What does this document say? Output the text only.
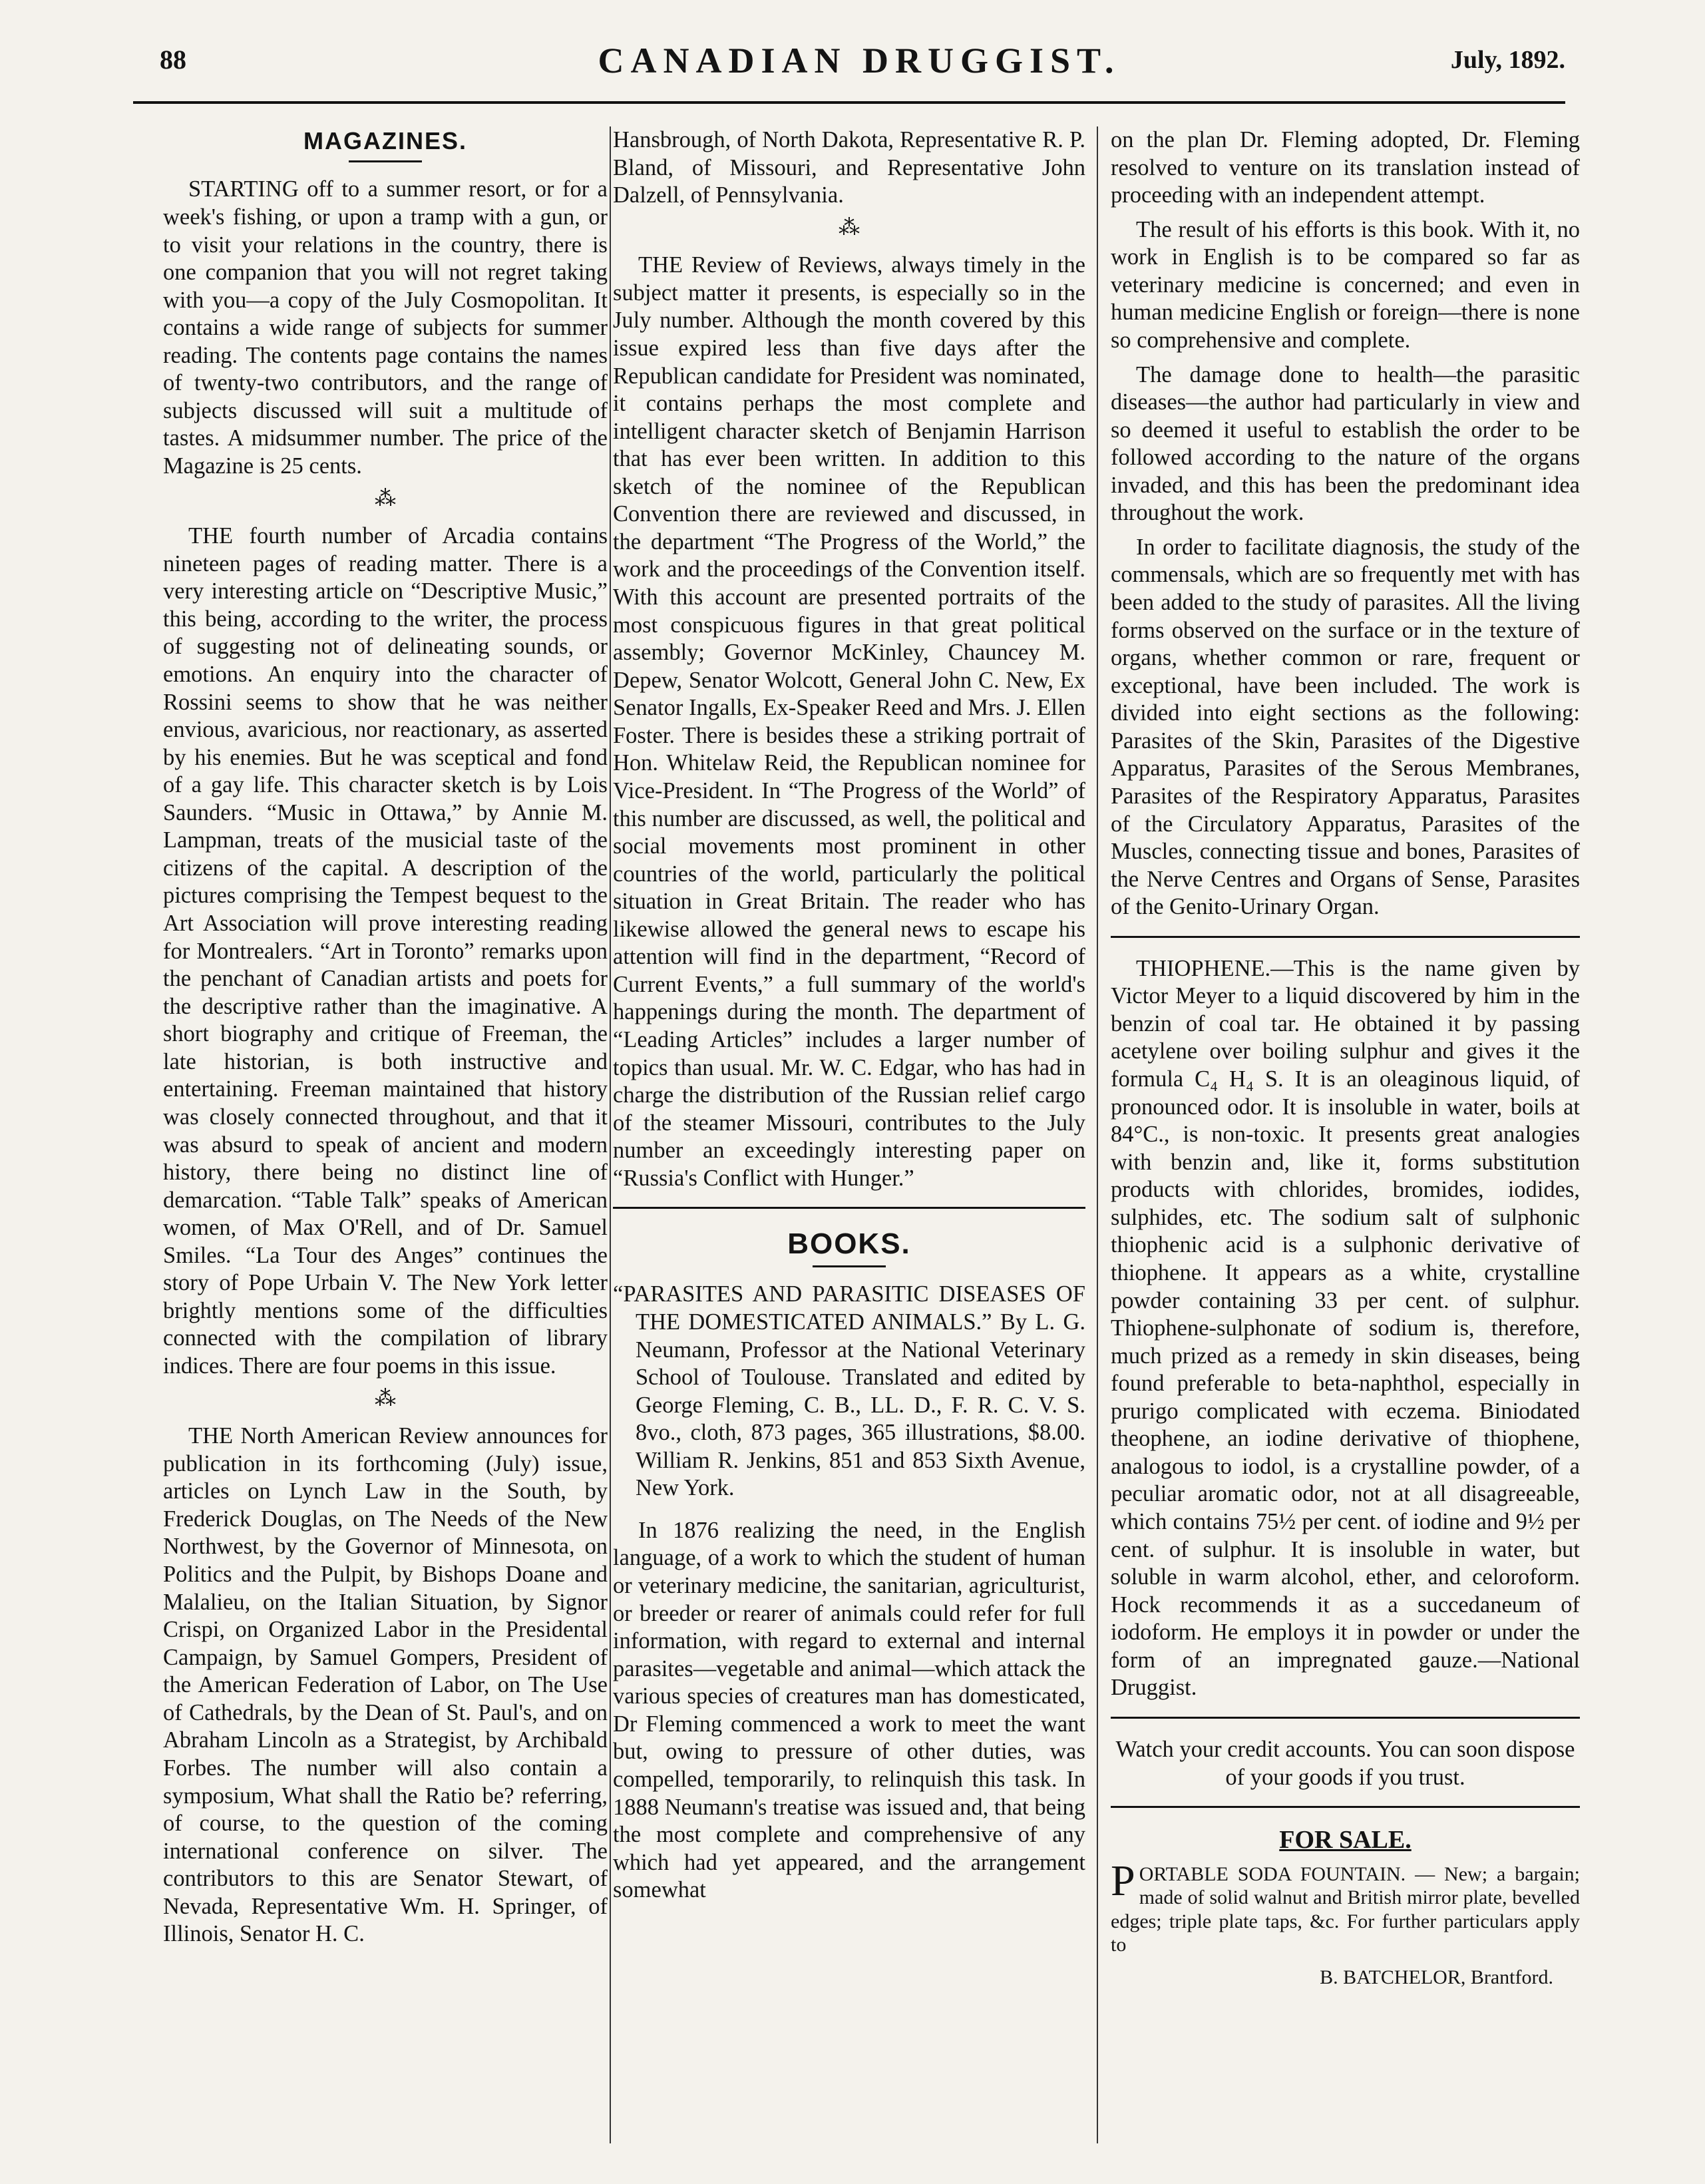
88	CANADIAN DRUGGIST.	July, 1892.
MAGAZINES.

STARTING off to a summer resort, or for a week's fishing, or upon a tramp with a gun, or to visit your relations in the country, there is one companion that you will not regret taking with you—a copy of the July Cosmopolitan. It contains a wide range of subjects for summer reading. The contents page contains the names of twenty-two contributors, and the range of subjects discussed will suit a multitude of tastes. A midsummer number. The price of the Magazine is 25 cents.

⁂

THE fourth number of Arcadia contains nineteen pages of reading matter. There is a very interesting article on “Descriptive Music,” this being, according to the writer, the process of suggesting not of delineating sounds, or emotions. An enquiry into the character of Rossini seems to show that he was neither envious, avaricious, nor reactionary, as asserted by his enemies. But he was sceptical and fond of a gay life. This character sketch is by Lois Saunders. “Music in Ottawa,” by Annie M. Lampman, treats of the musicial taste of the citizens of the capital. A description of the pictures comprising the Tempest bequest to the Art Association will prove interesting reading for Montrealers. “Art in Toronto” remarks upon the penchant of Canadian artists and poets for the descriptive rather than the imaginative. A short biography and critique of Freeman, the late historian, is both instructive and entertaining. Freeman maintained that history was closely connected throughout, and that it was absurd to speak of ancient and modern history, there being no distinct line of demarcation. “Table Talk” speaks of American women, of Max O'Rell, and of Dr. Samuel Smiles. “La Tour des Anges” continues the story of Pope Urbain V. The New York letter brightly mentions some of the difficulties connected with the compilation of library indices. There are four poems in this issue.

⁂

THE North American Review announces for publication in its forthcoming (July) issue, articles on Lynch Law in the South, by Frederick Douglas, on The Needs of the New Northwest, by the Governor of Minnesota, on Politics and the Pulpit, by Bishops Doane and Malalieu, on the Italian Situation, by Signor Crispi, on Organized Labor in the Presidental Campaign, by Samuel Gompers, President of the American Federation of Labor, on The Use of Cathedrals, by the Dean of St. Paul's, and on Abraham Lincoln as a Strategist, by Archibald Forbes. The number will also contain a symposium, What shall the Ratio be? referring, of course, to the question of the coming international conference on silver. The contributors to this are Senator Stewart, of Nevada, Representative Wm. H. Springer, of Illinois, Senator H. C.

Hansbrough, of North Dakota, Representative R. P. Bland, of Missouri, and Representative John Dalzell, of Pennsylvania.

⁂

THE Review of Reviews, always timely in the subject matter it presents, is especially so in the July number. Although the month covered by this issue expired less than five days after the Republican candidate for President was nominated, it contains perhaps the most complete and intelligent character sketch of Benjamin Harrison that has ever been written. In addition to this sketch of the nominee of the Republican Convention there are reviewed and discussed, in the department “The Progress of the World,” the work and the proceedings of the Convention itself. With this account are presented portraits of the most conspicuous figures in that great political assembly; Governor McKinley, Chauncey M. Depew, Senator Wolcott, General John C. New, Ex Senator Ingalls, Ex-Speaker Reed and Mrs. J. Ellen Foster. There is besides these a striking portrait of Hon. Whitelaw Reid, the Republican nominee for Vice-President. In “The Progress of the World” of this number are discussed, as well, the political and social movements most prominent in other countries of the world, particularly the political situation in Great Britain. The reader who has likewise allowed the general news to escape his attention will find in the department, “Record of Current Events,” a full summary of the world's happenings during the month. The department of “Leading Articles” includes a larger number of topics than usual. Mr. W. C. Edgar, who has had in charge the distribution of the Russian relief cargo of the steamer Missouri, contributes to the July number an exceedingly interesting paper on “Russia's Conflict with Hunger.”

BOOKS.

“PARASITES AND PARASITIC DISEASES OF THE DOMESTICATED ANIMALS.” By L. G. Neumann, Professor at the National Veterinary School of Toulouse. Translated and edited by George Fleming, C. B., LL. D., F. R. C. V. S. 8vo., cloth, 873 pages, 365 illustrations, $8.00. William R. Jenkins, 851 and 853 Sixth Avenue, New York.

In 1876 realizing the need, in the English language, of a work to which the student of human or veterinary medicine, the sanitarian, agriculturist, or breeder or rearer of animals could refer for full information, with regard to external and internal parasites—vegetable and animal—which attack the various species of creatures man has domesticated, Dr Fleming commenced a work to meet the want but, owing to pressure of other duties, was compelled, temporarily, to relinquish this task. In 1888 Neumann's treatise was issued and, that being the most complete and comprehensive of any which had yet appeared, and the arrangement somewhat

on the plan Dr. Fleming adopted, Dr. Fleming resolved to venture on its translation instead of proceeding with an independent attempt.

The result of his efforts is this book. With it, no work in English is to be compared so far as veterinary medicine is concerned; and even in human medicine English or foreign—there is none so comprehensive and complete.

The damage done to health—the parasitic diseases—the author had particularly in view and so deemed it useful to establish the order to be followed according to the nature of the organs invaded, and this has been the predominant idea throughout the work.

In order to facilitate diagnosis, the study of the commensals, which are so frequently met with has been added to the study of parasites. All the living forms observed on the surface or in the texture of organs, whether common or rare, frequent or exceptional, have been included. The work is divided into eight sections as the following: Parasites of the Skin, Parasites of the Digestive Apparatus, Parasites of the Serous Membranes, Parasites of the Respiratory Apparatus, Parasites of the Circulatory Apparatus, Parasites of the Muscles, connecting tissue and bones, Parasites of the Nerve Centres and Organs of Sense, Parasites of the Genito-Urinary Organ.

THIOPHENE.—This is the name given by Victor Meyer to a liquid discovered by him in the benzin of coal tar. He obtained it by passing acetylene over boiling sulphur and gives it the formula C₄ H₄ S. It is an oleaginous liquid, of pronounced odor. It is insoluble in water, boils at 84°C., is non-toxic. It presents great analogies with benzin and, like it, forms substitution products with chlorides, bromides, iodides, sulphides, etc. The sodium salt of sulphonic thiophenic acid is a sulphonic derivative of thiophene. It appears as a white, crystalline powder containing 33 per cent. of sulphur. Thiophene-sulphonate of sodium is, therefore, much prized as a remedy in skin diseases, being found preferable to beta-naphthol, especially in prurigo complicated with eczema. Biniodated theophene, an iodine derivative of thiophene, analogous to iodol, is a crystalline powder, of a peculiar aromatic odor, not at all disagreeable, which contains 75½ per cent. of iodine and 9½ per cent. of sulphur. It is insoluble in water, but soluble in warm alcohol, ether, and celoroform. Hock recommends it as a succedaneum of iodoform. He employs it in powder or under the form of an impregnated gauze.—National Druggist.

Watch your credit accounts. You can soon dispose of your goods if you trust.

FOR SALE.

PORTABLE SODA FOUNTAIN. — New; a bargain; made of solid walnut and British mirror plate, bevelled edges; triple plate taps, &c. For further particulars apply to

B. BATCHELOR, Brantford.
